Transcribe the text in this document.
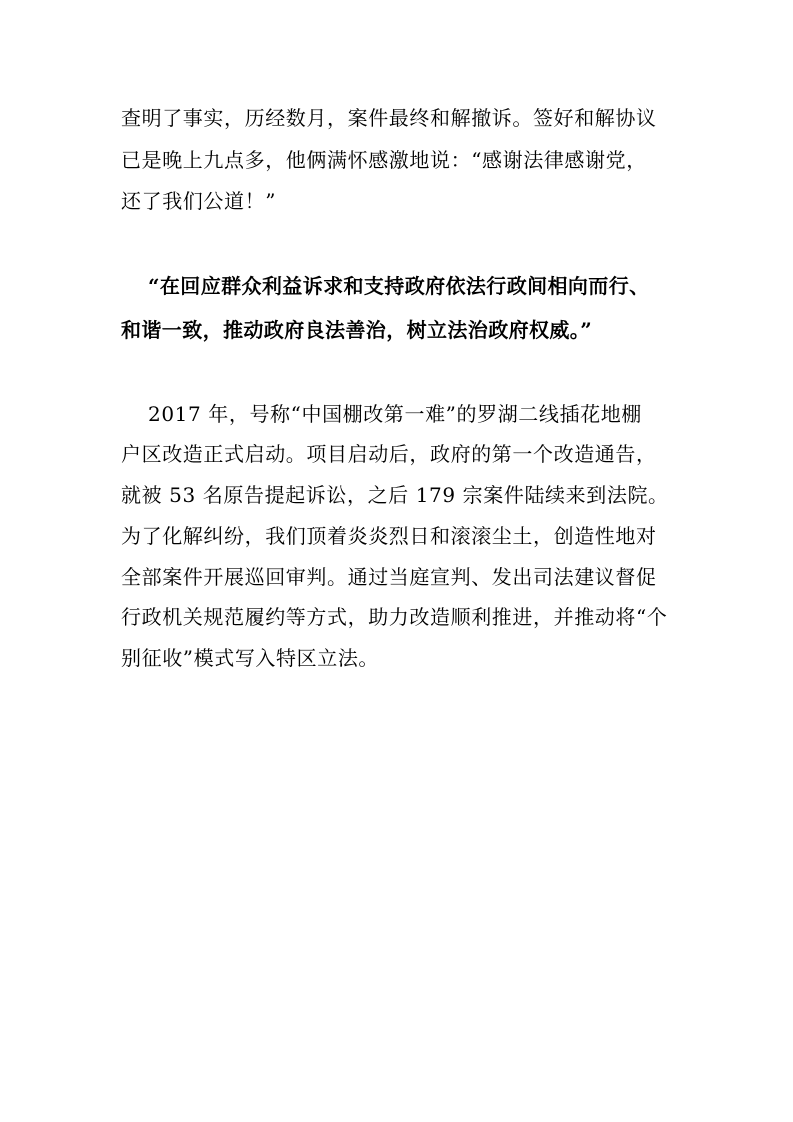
查明了事实，历经数月，案件最终和解撤诉。签好和解协议
已是晚上九点多，他俩满怀感激地说：“感谢法律感谢党，
还了我们公道！”
“在回应群众利益诉求和支持政府依法行政间相向而行、
和谐一致，推动政府良法善治，树立法治政府权威。”
2017 年，号称“中国棚改第一难”的罗湖二线插花地棚
户区改造正式启动。项目启动后，政府的第一个改造通告，
就被 53 名原告提起诉讼，之后 179 宗案件陆续来到法院。
为了化解纠纷，我们顶着炎炎烈日和滚滚尘土，创造性地对
全部案件开展巡回审判。通过当庭宣判、发出司法建议督促
行政机关规范履约等方式，助力改造顺利推进，并推动将“个
别征收”模式写入特区立法。
